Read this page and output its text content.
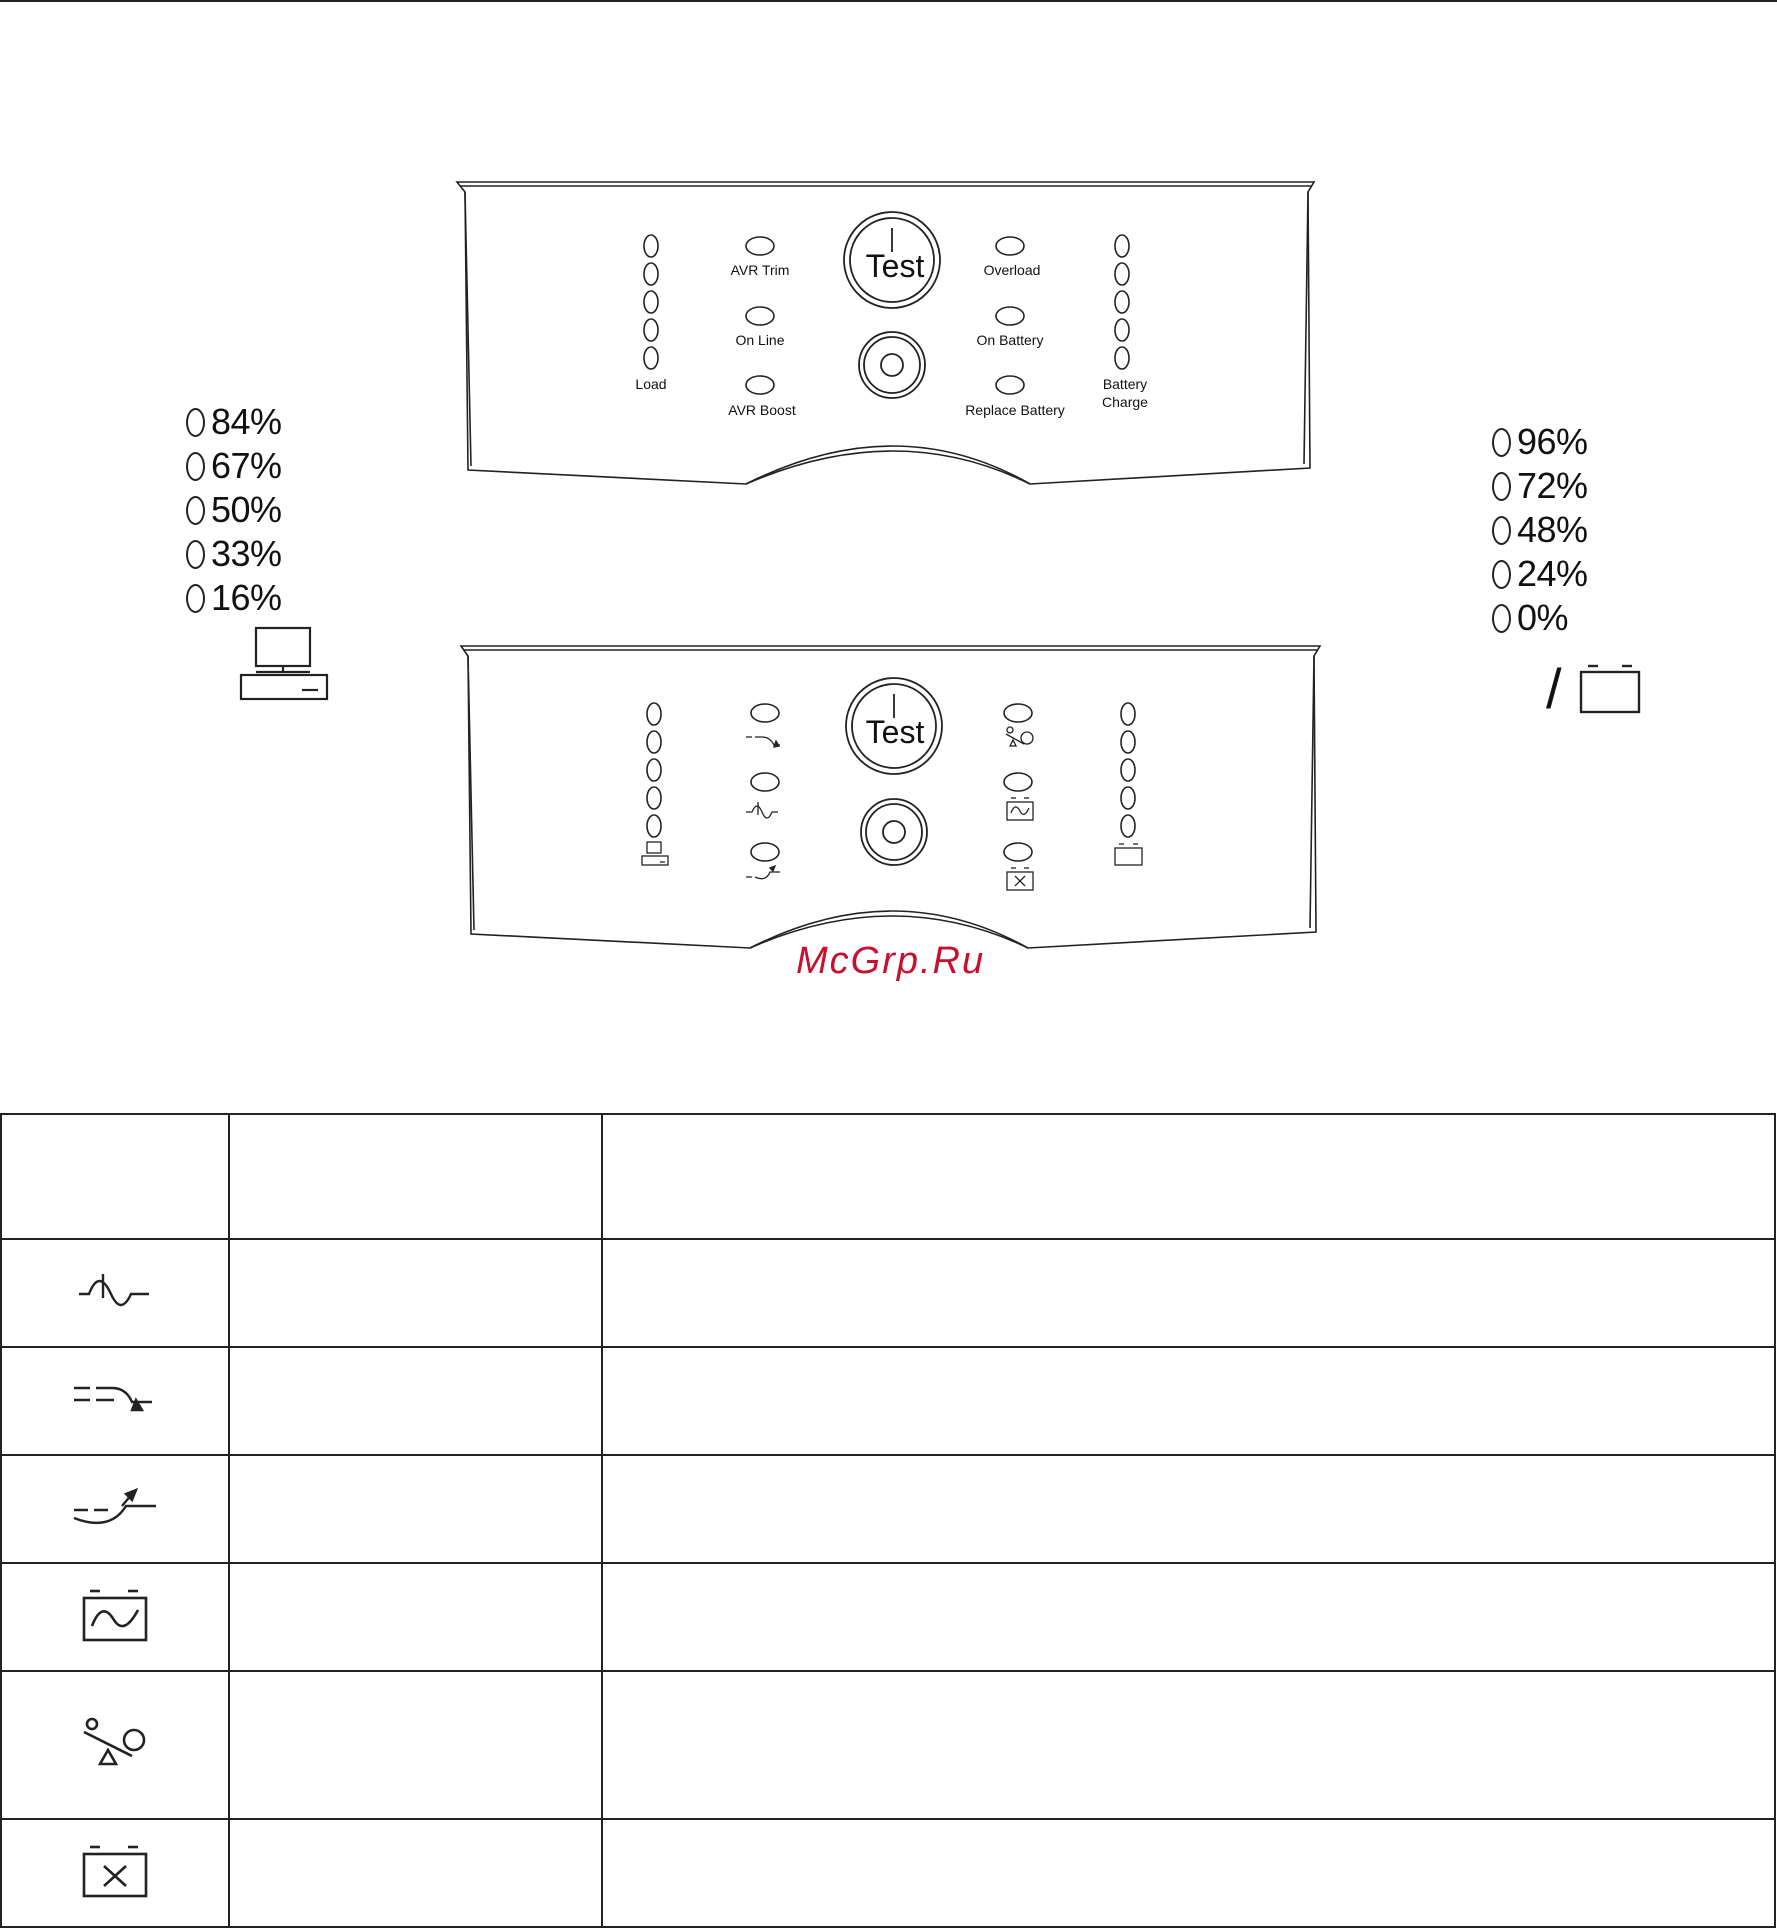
Test
Load
AVR Trim
On Line
AVR Boost
Overload
On Battery
Replace Battery
Battery
Charge
Test
84%
67%
50%
33%
16%
96%
72%
48%
24%
0%
/
McGrp.Ru
